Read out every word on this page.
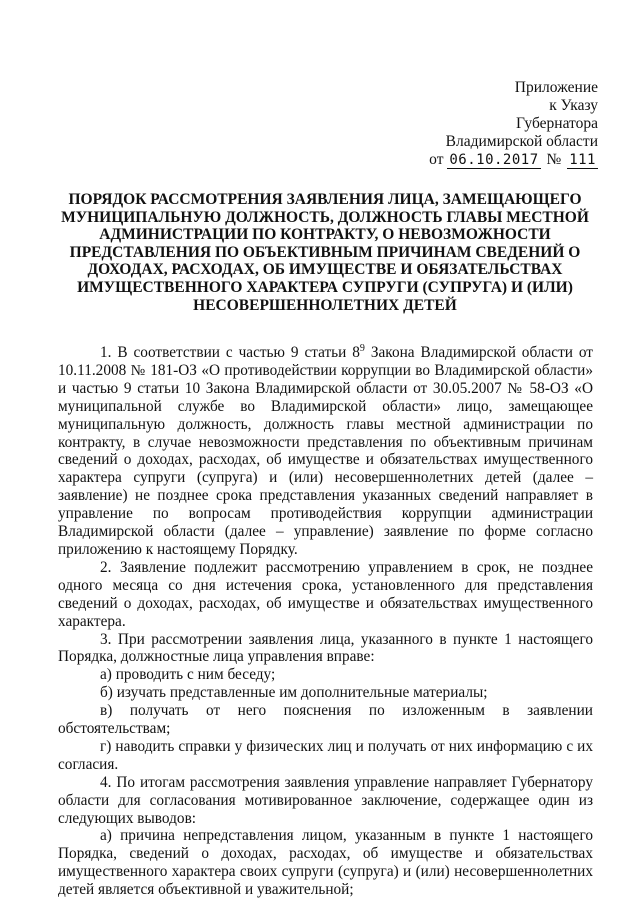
Приложение
к Указу
Губернатора
Владимирской области
от 06.10.2017 № 111
ПОРЯДОК РАССМОТРЕНИЯ ЗАЯВЛЕНИЯ ЛИЦА, ЗАМЕЩАЮЩЕГО МУНИЦИПАЛЬНУЮ ДОЛЖНОСТЬ, ДОЛЖНОСТЬ ГЛАВЫ МЕСТНОЙ АДМИНИСТРАЦИИ ПО КОНТРАКТУ, О НЕВОЗМОЖНОСТИ ПРЕДСТАВЛЕНИЯ ПО ОБЪЕКТИВНЫМ ПРИЧИНАМ СВЕДЕНИЙ О ДОХОДАХ, РАСХОДАХ, ОБ ИМУЩЕСТВЕ И ОБЯЗАТЕЛЬСТВАХ ИМУЩЕСТВЕННОГО ХАРАКТЕРА СУПРУГИ (СУПРУГА) И (ИЛИ) НЕСОВЕРШЕННОЛЕТНИХ ДЕТЕЙ

1. В соответствии с частью 9 статьи $8^9$ Закона Владимирской области от 10.11.2008 № 181-ОЗ «О противодействии коррупции во Владимирской области» и частью 9 статьи 10 Закона Владимирской области от 30.05.2007 № 58-ОЗ «О муниципальной службе во Владимирской области» лицо, замещающее муниципальную должность, должность главы местной администрации по контракту, в случае невозможности представления по объективным причинам сведений о доходах, расходах, об имуществе и обязательствах имущественного характера супруги (супруга) и (или) несовершеннолетних детей (далее – заявление) не позднее срока представления указанных сведений направляет в управление по вопросам противодействия коррупции администрации Владимирской области (далее – управление) заявление по форме согласно приложению к настоящему Порядку.

2. Заявление подлежит рассмотрению управлением в срок, не позднее одного месяца со дня истечения срока, установленного для представления сведений о доходах, расходах, об имуществе и обязательствах имущественного характера.

3. При рассмотрении заявления лица, указанного в пункте 1 настоящего Порядка, должностные лица управления вправе:

а) проводить с ним беседу;

б) изучать представленные им дополнительные материалы;

в) получать от него пояснения по изложенным в заявлении обстоятельствам;

г) наводить справки у физических лиц и получать от них информацию с их согласия.

4. По итогам рассмотрения заявления управление направляет Губернатору области для согласования мотивированное заключение, содержащее один из следующих выводов:

а) причина непредставления лицом, указанным в пункте 1 настоящего Порядка, сведений о доходах, расходах, об имуществе и обязательствах имущественного характера своих супруги (супруга) и (или) несовершеннолетних детей является объективной и уважительной;
